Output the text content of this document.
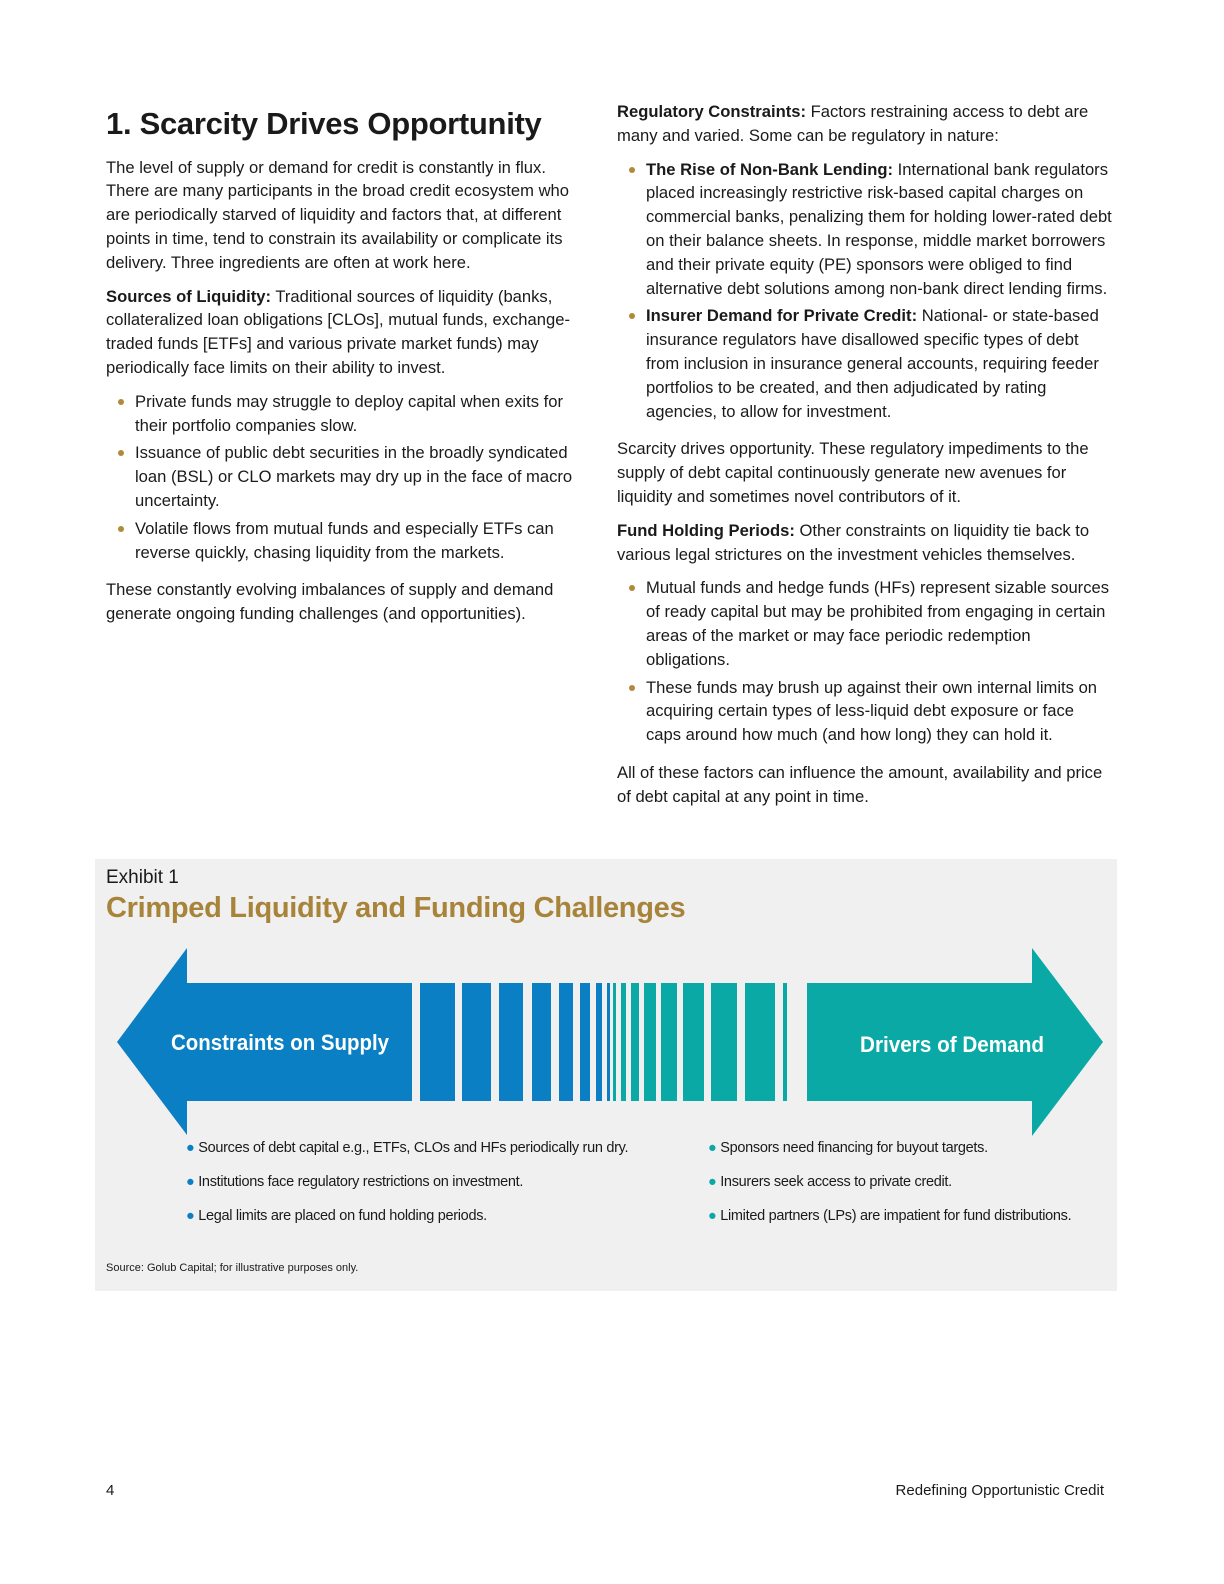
1. Scarcity Drives Opportunity

The level of supply or demand for credit is constantly in flux. There are many participants in the broad credit ecosystem who are periodically starved of liquidity and factors that, at different points in time, tend to constrain its availability or complicate its delivery. Three ingredients are often at work here.

Sources of Liquidity: Traditional sources of liquidity (banks, collateralized loan obligations [CLOs], mutual funds, exchange-traded funds [ETFs] and various private market funds) may periodically face limits on their ability to invest.

Private funds may struggle to deploy capital when exits for their portfolio companies slow.
Issuance of public debt securities in the broadly syndicated loan (BSL) or CLO markets may dry up in the face of macro uncertainty.
Volatile flows from mutual funds and especially ETFs can reverse quickly, chasing liquidity from the markets.

These constantly evolving imbalances of supply and demand generate ongoing funding challenges (and opportunities).

Regulatory Constraints: Factors restraining access to debt are many and varied. Some can be regulatory in nature:

The Rise of Non-Bank Lending: International bank regulators placed increasingly restrictive risk-based capital charges on commercial banks, penalizing them for holding lower-rated debt on their balance sheets. In response, middle market borrowers and their private equity (PE) sponsors were obliged to find alternative debt solutions among non-bank direct lending firms.
Insurer Demand for Private Credit: National- or state-based insurance regulators have disallowed specific types of debt from inclusion in insurance general accounts, requiring feeder portfolios to be created, and then adjudicated by rating agencies, to allow for investment.

Scarcity drives opportunity. These regulatory impediments to the supply of debt capital continuously generate new avenues for liquidity and sometimes novel contributors of it.

Fund Holding Periods: Other constraints on liquidity tie back to various legal strictures on the investment vehicles themselves.

Mutual funds and hedge funds (HFs) represent sizable sources of ready capital but may be prohibited from engaging in certain areas of the market or may face periodic redemption obligations.
These funds may brush up against their own internal limits on acquiring certain types of less-liquid debt exposure or face caps around how much (and how long) they can hold it.

All of these factors can influence the amount, availability and price of debt capital at any point in time.

Exhibit 1
Crimped Liquidity and Funding Challenges
Constraints on Supply	Drivers of Demand
● Sources of debt capital e.g., ETFs, CLOs and HFs periodically run dry.
● Institutions face regulatory restrictions on investment.
● Legal limits are placed on fund holding periods.
● Sponsors need financing for buyout targets.
● Insurers seek access to private credit.
● Limited partners (LPs) are impatient for fund distributions.
Source: Golub Capital; for illustrative purposes only.
4	Redefining Opportunistic Credit
